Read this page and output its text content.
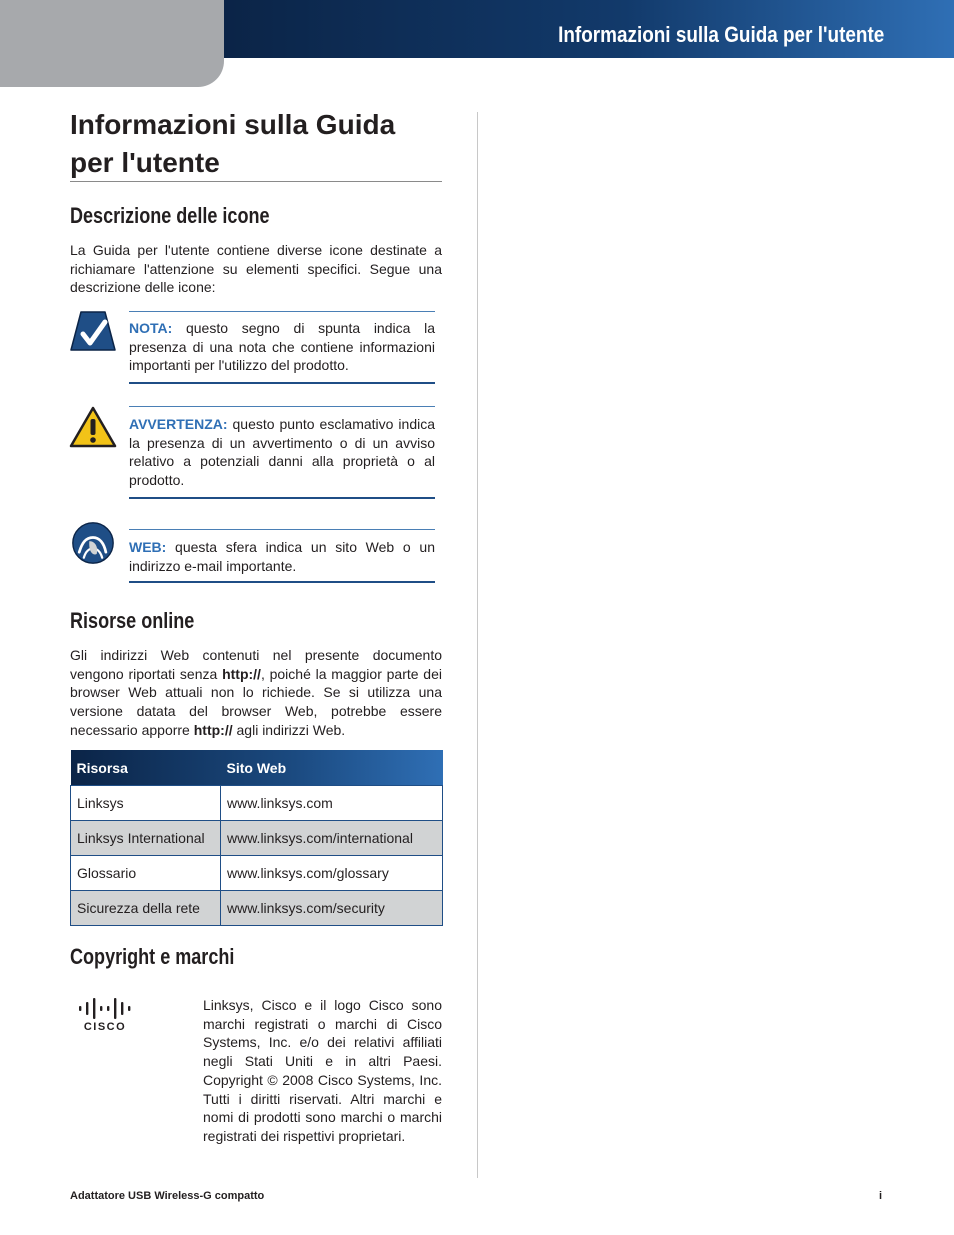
Informazioni sulla Guida per l'utente
Informazioni sulla Guida per l'utente
Descrizione delle icone

La Guida per l'utente contiene diverse icone destinate a richiamare l'attenzione su elementi specifici. Segue una descrizione delle icone:

NOTA: questo segno di spunta indica la presenza di una nota che contiene informazioni importanti per l'utilizzo del prodotto.

AVVERTENZA: questo punto esclamativo indica la presenza di un avvertimento o di un avviso relativo a potenziali danni alla proprietà o al prodotto.

WEB: questa sfera indica un sito Web o un indirizzo e-mail importante.

Risorse online

Gli indirizzi Web contenuti nel presente documento vengono riportati senza http://, poiché la maggior parte dei browser Web attuali non lo richiede. Se si utilizza una versione datata del browser Web, potrebbe essere necessario apporre http:// agli indirizzi Web.

Risorsa	Sito Web
Linksys	www.linksys.com
Linksys International	www.linksys.com/international
Glossario	www.linksys.com/glossary
Sicurezza della rete	www.linksys.com/security
Copyright e marchi
CISCO

Linksys, Cisco e il logo Cisco sono marchi registrati o marchi di Cisco Systems, Inc. e/o dei relativi affiliati negli Stati Uniti e in altri Paesi. Copyright © 2008 Cisco Systems, Inc. Tutti i diritti riservati. Altri marchi e nomi di prodotti sono marchi o marchi registrati dei rispettivi proprietari.

Adattatore USB Wireless-G compatto	i
